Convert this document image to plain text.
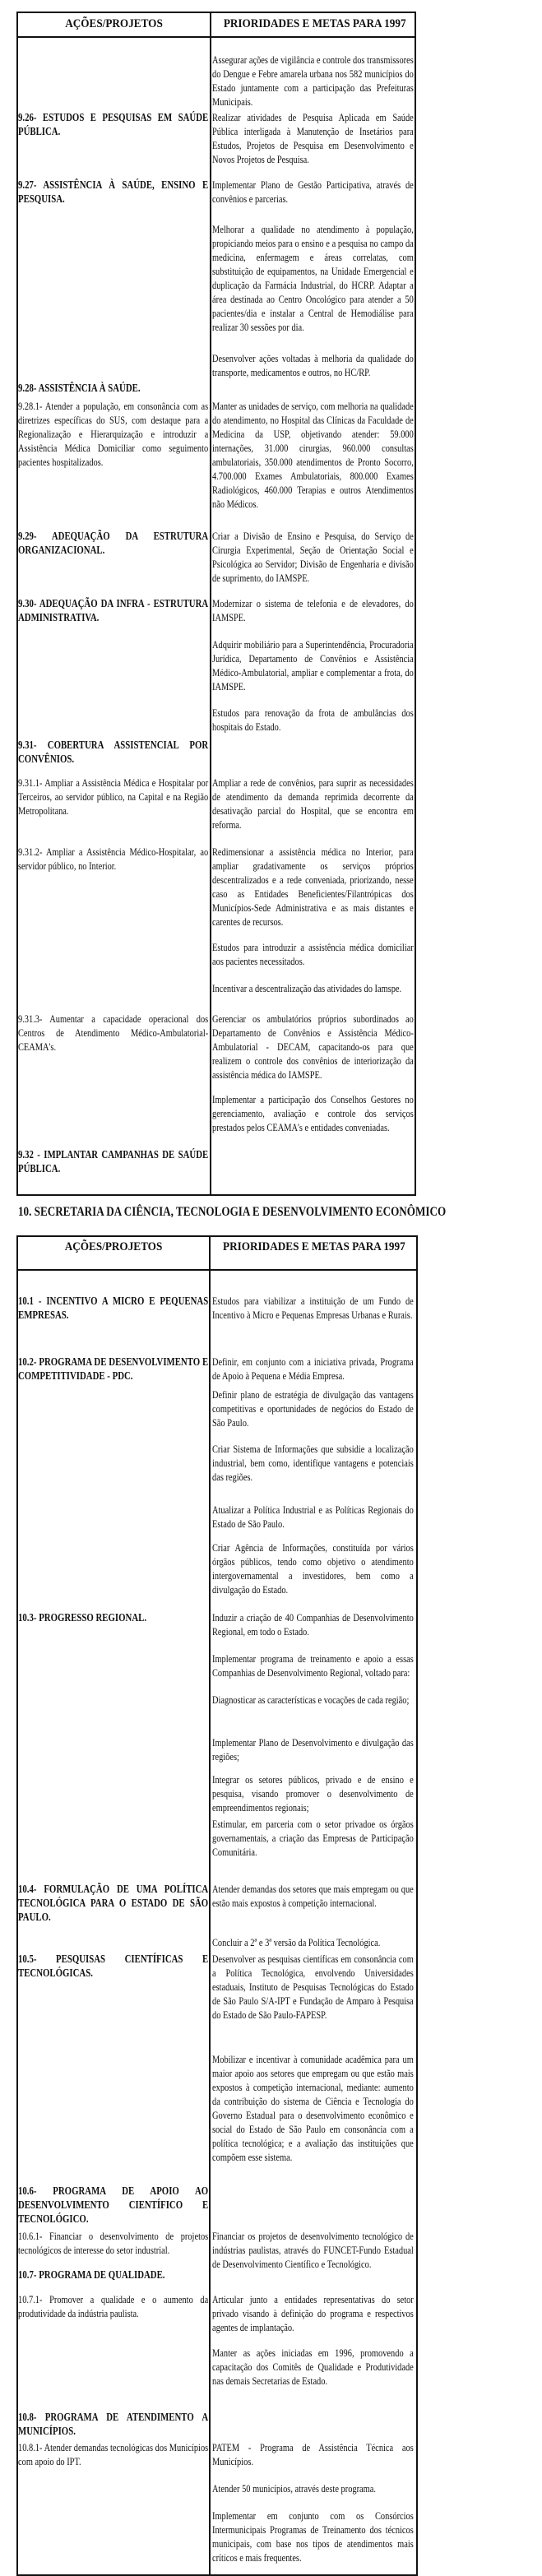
AÇÕES/PROJETOS	PRIORIDADES E METAS PARA 1997
10. SECRETARIA DA CIÊNCIA, TECNOLOGIA E DESENVOLVIMENTO ECONÔMICO
AÇÕES/PROJETOS	PRIORIDADES E METAS PARA 1997
9.26- ESTUDOS E PESQUISAS EM SAÚDE PÚBLICA.
9.27- ASSISTÊNCIA À SAÚDE, ENSINO E PESQUISA.
9.28- ASSISTÊNCIA À SAÚDE.
9.28.1- Atender a população, em consonância com as diretrizes específicas do SUS, com destaque para a Regionalização e Hierarquização e introduzir a Assistência Médica Domiciliar como seguimento pacientes hospitalizados.
9.29- ADEQUAÇÃO DA ESTRUTURA ORGANIZACIONAL.
9.30- ADEQUAÇÃO DA INFRA - ESTRUTURA ADMINISTRATIVA.
9.31- COBERTURA ASSISTENCIAL POR CONVÊNIOS.
9.31.1- Ampliar a Assistência Médica e Hospitalar por Terceiros, ao servidor público, na Capital e na Região Metropolitana.
9.31.2- Ampliar a Assistência Médico-Hospitalar, ao servidor público, no Interior.
9.31.3- Aumentar a capacidade operacional dos Centros de Atendimento Médico-Ambulatorial-CEAMA's.
9.32 - IMPLANTAR CAMPANHAS DE SAÚDE PÚBLICA.
Assegurar ações de vigilância e controle dos transmissores do Dengue e Febre amarela urbana nos 582 municípios do Estado juntamente com a participação das Prefeituras Municipais.
Realizar atividades de Pesquisa Aplicada em Saúde Pública interligada à Manutenção de Insetários para Estudos, Projetos de Pesquisa em Desenvolvimento e Novos Projetos de Pesquisa.
Implementar Plano de Gestão Participativa, através de convênios e parcerias.
Melhorar a qualidade no atendimento à população, propiciando meios para o ensino e a pesquisa no campo da medicina, enfermagem e áreas correlatas, com substituição de equipamentos, na Unidade Emergencial e duplicação da Farmácia Industrial, do HCRP. Adaptar a área destinada ao Centro Oncológico para atender a 50 pacientes/dia e instalar a Central de Hemodiálise para realizar 30 sessões por dia.
Desenvolver ações voltadas à melhoria da qualidade do transporte, medicamentos e outros, no HC/RP.
Manter as unidades de serviço, com melhoria na qualidade do atendimento, no Hospital das Clínicas da Faculdade de Medicina da USP, objetivando atender: 59.000 internações, 31.000 cirurgias, 960.000 consultas ambulatoriais, 350.000 atendimentos de Pronto Socorro, 4.700.000 Exames Ambulatoriais, 800.000 Exames Radiológicos, 460.000 Terapias e outros Atendimentos não Médicos.
Criar a Divisão de Ensino e Pesquisa, do Serviço de Cirurgia Experimental, Seção de Orientação Social e Psicológica ao Servidor; Divisão de Engenharia e divisão de suprimento, do IAMSPE.
Modernizar o sistema de telefonia e de elevadores, do IAMSPE.
Adquirir mobiliário para a Superintendência, Procuradoria Jurídica, Departamento de Convênios e Assistência Médico-Ambulatorial, ampliar e complementar a frota, do IAMSPE.
Estudos para renovação da frota de ambulâncias dos hospitais do Estado.
Ampliar a rede de convênios, para suprir as necessidades de atendimento da demanda reprimida decorrente da desativação parcial do Hospital, que se encontra em reforma.
Redimensionar a assistência médica no Interior, para ampliar gradativamente os serviços próprios descentralizados e a rede conveniada, priorizando, nesse caso as Entidades Beneficientes/Filantrópicas dos Municípios-Sede Administrativa e as mais distantes e carentes de recursos.
Estudos para introduzir a assistência médica domiciliar aos pacientes necessitados.
Incentivar a descentralização das atividades do Iamspe.
Gerenciar os ambulatórios próprios subordinados ao Departamento de Convênios e Assistência Médico-Ambulatorial - DECAM, capacitando-os para que realizem o controle dos convênios de interiorização da assistência médica do IAMSPE.
Implementar a participação dos Conselhos Gestores no gerenciamento, avaliação e controle dos serviços prestados pelos CEAMA's e entidades conveniadas.
10.1 - INCENTIVO A MICRO E PEQUENAS EMPRESAS.
10.2- PROGRAMA DE DESENVOLVIMENTO E COMPETITIVIDADE - PDC.
10.3- PROGRESSO REGIONAL.
10.4- FORMULAÇÃO DE UMA POLÍTICA TECNOLÓGICA PARA O ESTADO DE SÃO PAULO.
10.5- PESQUISAS CIENTÍFICAS E TECNOLÓGICAS.
10.6- PROGRAMA DE APOIO AO DESENVOLVIMENTO CIENTÍFICO E TECNOLÓGICO.
10.6.1- Financiar o desenvolvimento de projetos tecnológicos de interesse do setor industrial.
10.7- PROGRAMA DE QUALIDADE.
10.7.1- Promover a qualidade e o aumento da produtividade da indústria paulista.
10.8- PROGRAMA DE ATENDIMENTO A MUNICÍPIOS.
10.8.1- Atender demandas tecnológicas dos Municípios com apoio do IPT.
Estudos para viabilizar a instituição de um Fundo de Incentivo à Micro e Pequenas Empresas Urbanas e Rurais.
Definir, em conjunto com a iniciativa privada, Programa de Apoio à Pequena e Média Empresa.
Definir plano de estratégia de divulgação das vantagens competitivas e oportunidades de negócios do Estado de São Paulo.
Criar Sistema de Informações que subsidie a localização industrial, bem como, identifique vantagens e potenciais das regiões.
Atualizar a Política Industrial e as Políticas Regionais do Estado de São Paulo.
Criar Agência de Informações, constituída por vários órgãos públicos, tendo como objetivo o atendimento intergovernamental a investidores, bem como a divulgação do Estado.
Induzir a criação de 40 Companhias de Desenvolvimento Regional, em todo o Estado.
Implementar programa de treinamento e apoio a essas Companhias de Desenvolvimento Regional, voltado para:
Diagnosticar as características e vocações de cada região;
Implementar Plano de Desenvolvimento e divulgação das regiões;
Integrar os setores públicos, privado e de ensino e pesquisa, visando promover o desenvolvimento de empreendimentos regionais;
Estimular, em parceria com o setor privadoe os órgãos governamentais, a criação das Empresas de Participação Comunitária.
Atender demandas dos setores que mais empregam ou que estão mais expostos à competição internacional.
Concluir a 2ª e 3ª versão da Política Tecnológica.
Desenvolver as pesquisas científicas em consonância com a Política Tecnológica, envolvendo Universidades estaduais, Instituto de Pesquisas Tecnológicas do Estado de São Paulo S/A-IPT e Fundação de Amparo à Pesquisa do Estado de São Paulo-FAPESP.
Mobilizar e incentivar à comunidade acadêmica para um maior apoio aos setores que empregam ou que estão mais expostos à competição internacional, mediante: aumento da contribuição do sistema de Ciência e Tecnologia do Governo Estadual para o desenvolvimento econômico e social do Estado de São Paulo em consonância com a política tecnológica; e a avaliação das instituições que compõem esse sistema.
Financiar os projetos de desenvolvimento tecnológico de indústrias paulistas, através do FUNCET-Fundo Estadual de Desenvolvimento Científico e Tecnológico.
Articular junto a entidades representativas do setor privado visando à definição do programa e respectivos agentes de implantação.
Manter as ações iniciadas em 1996, promovendo a capacitação dos Comitês de Qualidade e Produtividade nas demais Secretarias de Estado.
PATEM - Programa de Assistência Técnica aos Municípios.
Atender 50 municípios, através deste programa.
Implementar em conjunto com os Consórcios Intermunicipais Programas de Treinamento dos técnicos municipais, com base nos tipos de atendimentos mais críticos e mais frequentes.
